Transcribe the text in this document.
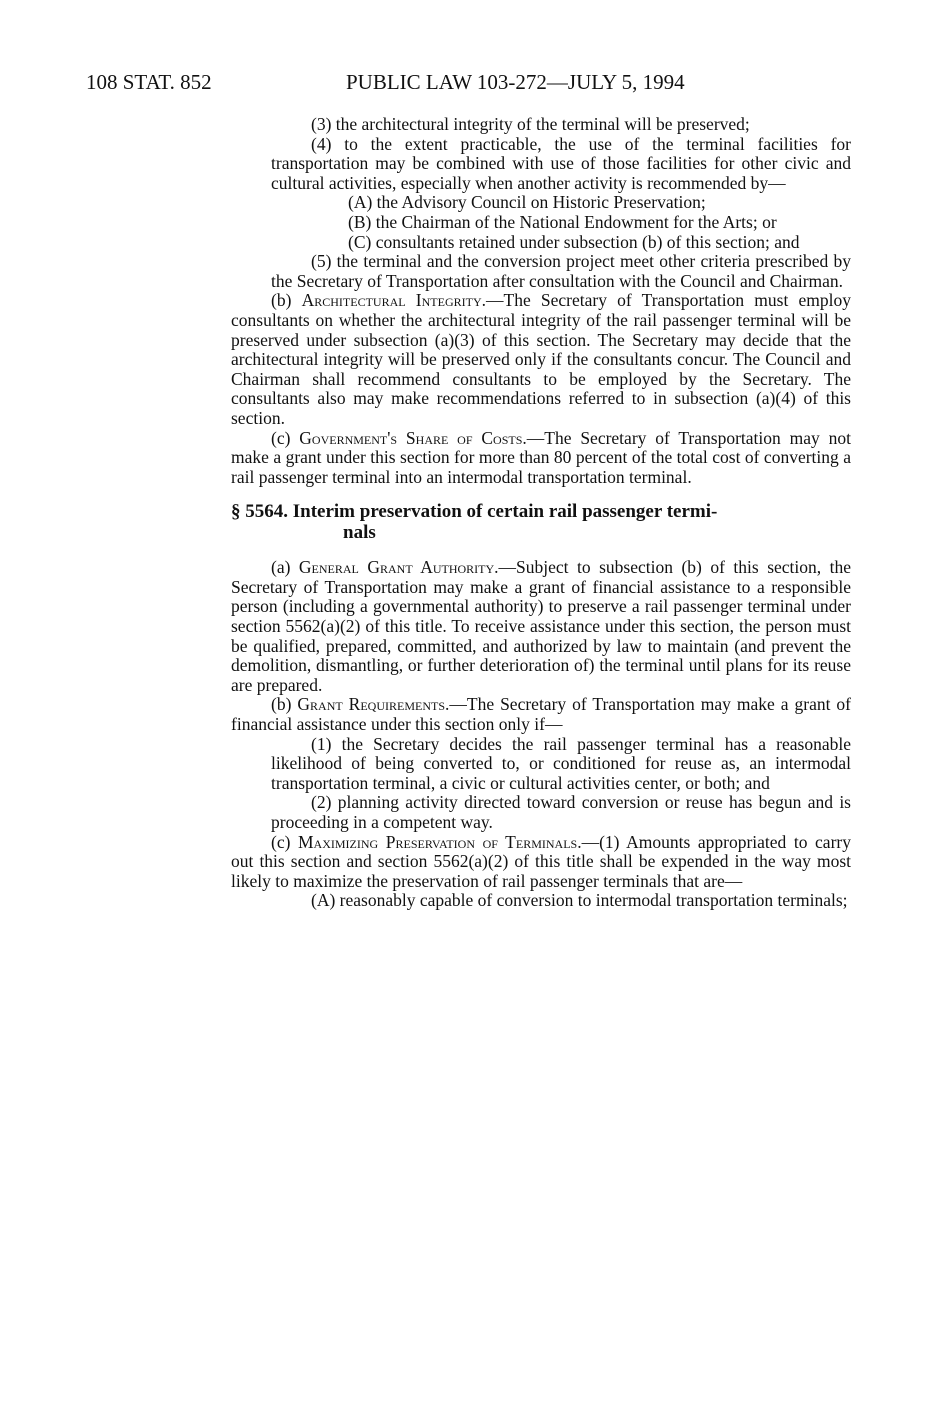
108 STAT. 852	PUBLIC LAW 103-272—JULY 5, 1994

(3) the architectural integrity of the terminal will be preserved;

(4) to the extent practicable, the use of the terminal facilities for transportation may be combined with use of those facilities for other civic and cultural activities, especially when another activity is recommended by—

(A) the Advisory Council on Historic Preservation;

(B) the Chairman of the National Endowment for the Arts; or

(C) consultants retained under subsection (b) of this section; and

(5) the terminal and the conversion project meet other criteria prescribed by the Secretary of Transportation after consultation with the Council and Chairman.

(b) Architectural Integrity.—The Secretary of Transportation must employ consultants on whether the architectural integrity of the rail passenger terminal will be preserved under subsection (a)(3) of this section. The Secretary may decide that the architectural integrity will be preserved only if the consultants concur. The Council and Chairman shall recommend consultants to be employed by the Secretary. The consultants also may make recommendations referred to in subsection (a)(4) of this section.

(c) Government's Share of Costs.—The Secretary of Transportation may not make a grant under this section for more than 80 percent of the total cost of converting a rail passenger terminal into an intermodal transportation terminal.

§ 5564. Interim preservation of certain rail passenger termi-
nals

(a) General Grant Authority.—Subject to subsection (b) of this section, the Secretary of Transportation may make a grant of financial assistance to a responsible person (including a governmental authority) to preserve a rail passenger terminal under section 5562(a)(2) of this title. To receive assistance under this section, the person must be qualified, prepared, committed, and authorized by law to maintain (and prevent the demolition, dismantling, or further deterioration of) the terminal until plans for its reuse are prepared.

(b) Grant Requirements.—The Secretary of Transportation may make a grant of financial assistance under this section only if—

(1) the Secretary decides the rail passenger terminal has a reasonable likelihood of being converted to, or conditioned for reuse as, an intermodal transportation terminal, a civic or cultural activities center, or both; and

(2) planning activity directed toward conversion or reuse has begun and is proceeding in a competent way.

(c) Maximizing Preservation of Terminals.—(1) Amounts appropriated to carry out this section and section 5562(a)(2) of this title shall be expended in the way most likely to maximize the preservation of rail passenger terminals that are—

(A) reasonably capable of conversion to intermodal transportation terminals;
